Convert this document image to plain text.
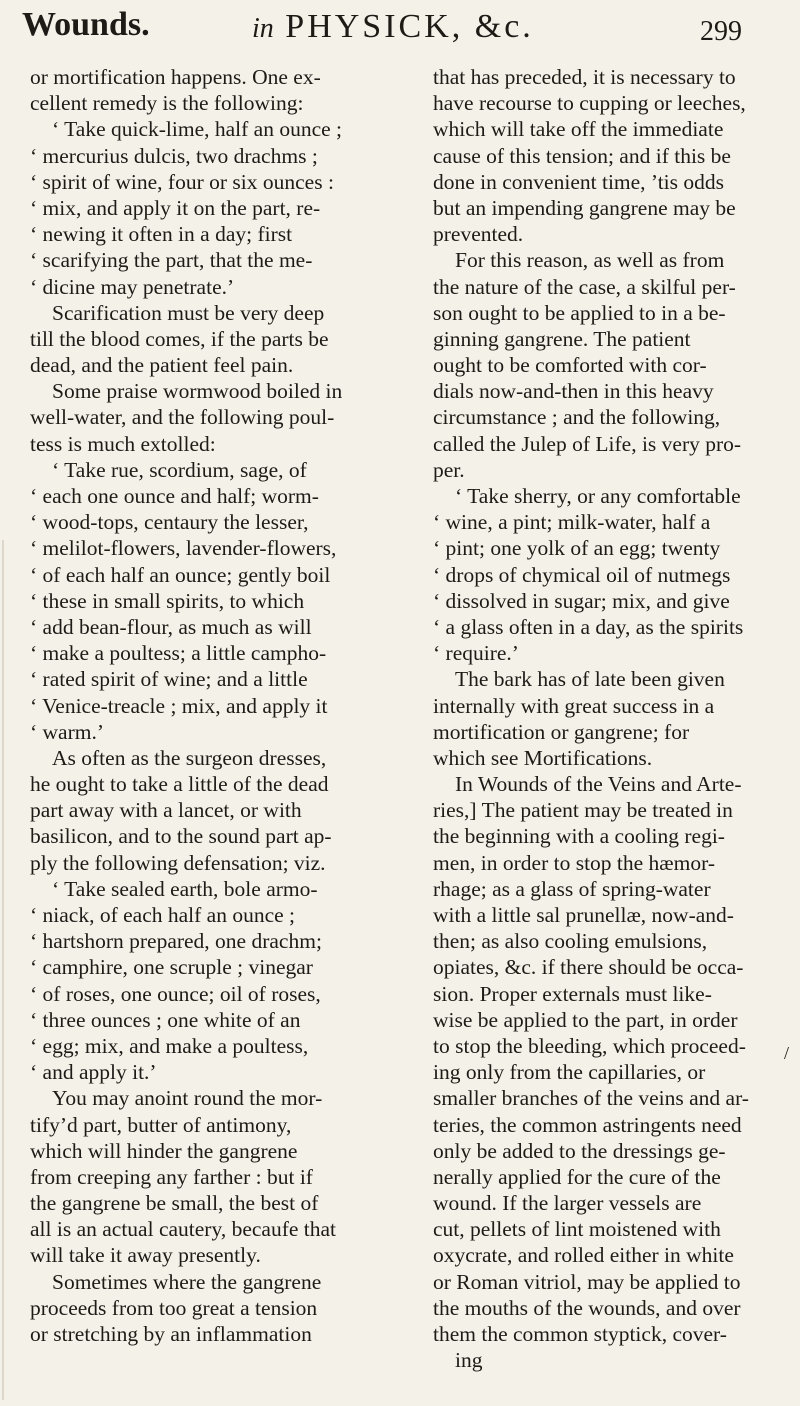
Wounds.	in PHYSICK, &c.	299
or mortification happens. One ex-
cellent remedy is the following:
‘ Take quick-lime, half an ounce ;
‘ mercurius dulcis, two drachms ;
‘ spirit of wine, four or six ounces :
‘ mix, and apply it on the part, re-
‘ newing it often in a day; first
‘ scarifying the part, that the me-
‘ dicine may penetrate.’
Scarification must be very deep
till the blood comes, if the parts be
dead, and the patient feel pain.
Some praise wormwood boiled in
well-water, and the following poul-
tess is much extolled:
‘ Take rue, scordium, sage, of
‘ each one ounce and half; worm-
‘ wood-tops, centaury the lesser,
‘ melilot-flowers, lavender-flowers,
‘ of each half an ounce; gently boil
‘ these in small spirits, to which
‘ add bean-flour, as much as will
‘ make a poultess; a little campho-
‘ rated spirit of wine; and a little
‘ Venice-treacle ; mix, and apply it
‘ warm.’
As often as the surgeon dresses,
he ought to take a little of the dead
part away with a lancet, or with
basilicon, and to the sound part ap-
ply the following defensation; viz.
‘ Take sealed earth, bole armo-
‘ niack, of each half an ounce ;
‘ hartshorn prepared, one drachm;
‘ camphire, one scruple ; vinegar
‘ of roses, one ounce; oil of roses,
‘ three ounces ; one white of an
‘ egg; mix, and make a poultess,
‘ and apply it.’
You may anoint round the mor-
tify’d part, butter of antimony,
which will hinder the gangrene
from creeping any farther : but if
the gangrene be small, the best of
all is an actual cautery, becaufe that
will take it away presently.
Sometimes where the gangrene
proceeds from too great a tension
or stretching by an inflammation
that has preceded, it is necessary to
have recourse to cupping or leeches,
which will take off the immediate
cause of this tension; and if this be
done in convenient time, ’tis odds
but an impending gangrene may be
prevented.
For this reason, as well as from
the nature of the case, a skilful per-
son ought to be applied to in a be-
ginning gangrene. The patient
ought to be comforted with cor-
dials now-and-then in this heavy
circumstance ; and the following,
called the Julep of Life, is very pro-
per.
‘ Take sherry, or any comfortable
‘ wine, a pint; milk-water, half a
‘ pint; one yolk of an egg; twenty
‘ drops of chymical oil of nutmegs
‘ dissolved in sugar; mix, and give
‘ a glass often in a day, as the spirits
‘ require.’
The bark has of late been given
internally with great success in a
mortification or gangrene; for
which see Mortifications.
In Wounds of the Veins and Arte-
ries,] The patient may be treated in
the beginning with a cooling regi-
men, in order to stop the hæmor-
rhage; as a glass of spring-water
with a little sal prunellæ, now-and-
then; as also cooling emulsions,
opiates, &c. if there should be occa-
sion. Proper externals must like-
wise be applied to the part, in order
to stop the bleeding, which proceed-
ing only from the capillaries, or
smaller branches of the veins and ar-
teries, the common astringents need
only be added to the dressings ge-
nerally applied for the cure of the
wound. If the larger vessels are
cut, pellets of lint moistened with
oxycrate, and rolled either in white
or Roman vitriol, may be applied to
the mouths of the wounds, and over
them the common styptick, cover-
ing
/
